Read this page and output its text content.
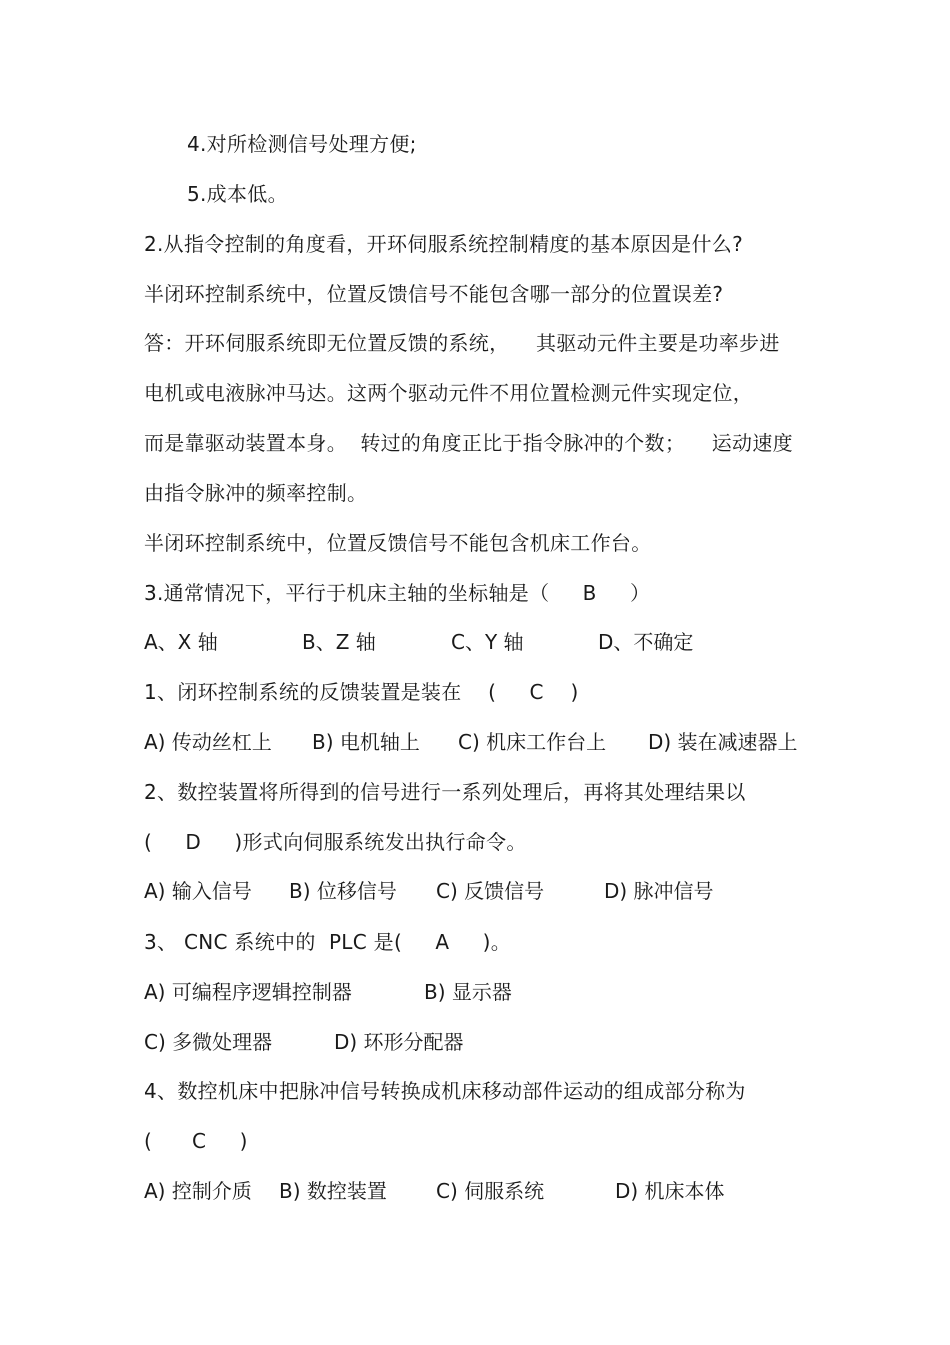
4.对所检测信号处理方便;
5.成本低。
2.从指令控制的角度看，开环伺服系统控制精度的基本原因是什么?
半闭环控制系统中，位置反馈信号不能包含哪一部分的位置误差?
答：开环伺服系统即无位置反馈的系统，    其驱动元件主要是功率步进
电机或电液脉冲马达。这两个驱动元件不用位置检测元件实现定位，
而是靠驱动装置本身。  转过的角度正比于指令脉冲的个数；    运动速度
由指令脉冲的频率控制。
半闭环控制系统中，位置反馈信号不能包含机床工作台。
3.通常情况下，平行于机床主轴的坐标轴是（     B     ）
A、X 轴	B、Z 轴	C、Y 轴	D、不确定
1、闭环控制系统的反馈装置是装在    (     C    )
A) 传动丝杠上 B) 电机轴上 C) 机床工作台上 D) 装在减速器上
2、数控装置将所得到的信号进行一系列处理后，再将其处理结果以
(     D     )形式向伺服系统发出执行命令。
A) 输入信号 B) 位移信号 C) 反馈信号	D) 脉冲信号
3、 CNC 系统中的  PLC 是(     A     )。
A) 可编程序逻辑控制器	B) 显示器
C) 多微处理器	D) 环形分配器
4、数控机床中把脉冲信号转换成机床移动部件运动的组成部分称为
(      C     )
A) 控制介质 B) 数控装置 C) 伺服系统	D) 机床本体
